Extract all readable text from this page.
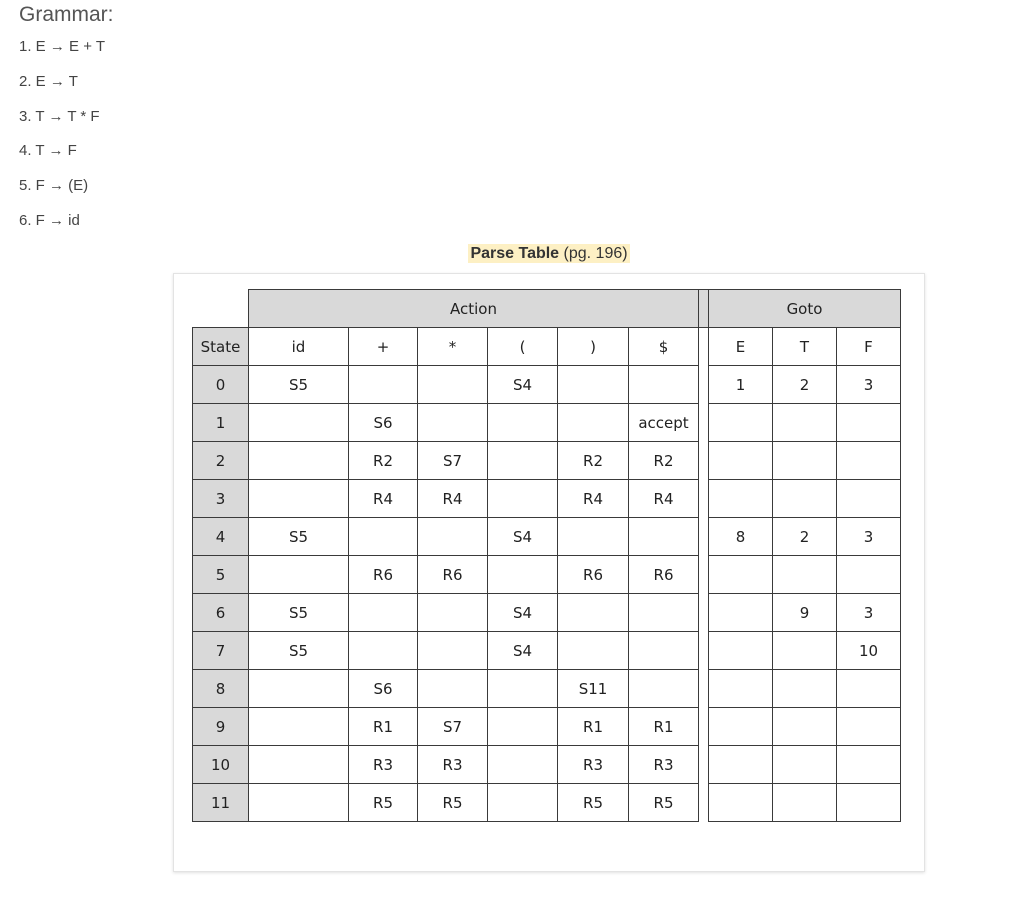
Grammar:
1. E → E + T
2. E → T
3. T → T * F
4. T → F
5. F → (E)
6. F → id
Parse Table (pg. 196)
	Action							Goto		
State	id	+	*	(	)	$		E	T	F
0	S5			S4				1	2	3
1		S6				accept				
2		R2	S7		R2	R2				
3		R4	R4		R4	R4				
4	S5			S4				8	2	3
5		R6	R6		R6	R6				
6	S5			S4					9	3
7	S5			S4						10
8		S6			S11					
9		R1	S7		R1	R1				
10		R3	R3		R3	R3				
11		R5	R5		R5	R5				
